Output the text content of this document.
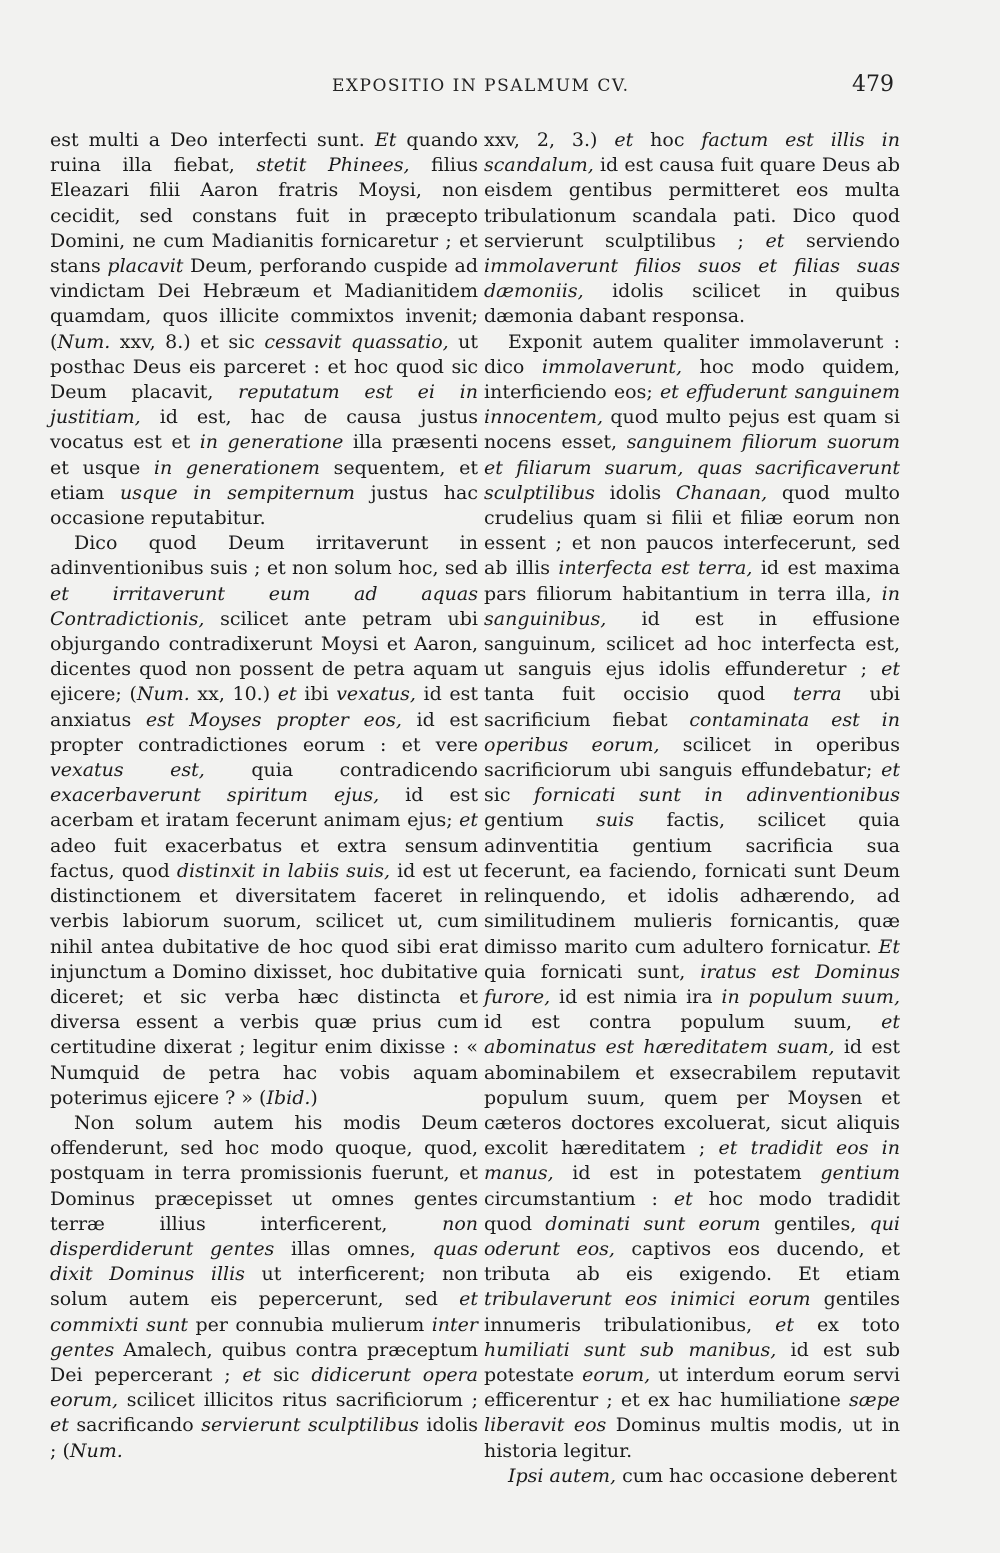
EXPOSITIO IN PSALMUM CV.	479

est multi a Deo interfecti sunt. Et quando ruina illa fiebat, stetit Phinees, filius Eleazari filii Aaron fratris Moysi, non cecidit, sed constans fuit in præcepto Domini, ne cum Madianitis fornicaretur ; et stans placavit Deum, perforando cuspide ad vindictam Dei Hebræum et Madianitidem quamdam, quos illicite commixtos invenit; (Num. xxv, 8.) et sic cessavit quassatio, ut posthac Deus eis parceret : et hoc quod sic Deum placavit, reputatum est ei in justitiam, id est, hac de causa justus vocatus est et in generatione illa præsenti et usque in generationem sequentem, et etiam usque in sempiternum justus hac occasione reputabitur.

Dico quod Deum irritaverunt in adinventionibus suis ; et non solum hoc, sed et irritaverunt eum ad aquas Contradictionis, scilicet ante petram ubi objurgando contradixerunt Moysi et Aaron, dicentes quod non possent de petra aquam ejicere; (Num. xx, 10.) et ibi vexatus, id est anxiatus est Moyses propter eos, id est propter contradictiones eorum : et vere vexatus est, quia contradicendo exacerbaverunt spiritum ejus, id est acerbam et iratam fecerunt animam ejus; et adeo fuit exacerbatus et extra sensum factus, quod distinxit in labiis suis, id est ut distinctionem et diversitatem faceret in verbis labiorum suorum, scilicet ut, cum nihil antea dubitative de hoc quod sibi erat injunctum a Domino dixisset, hoc dubitative diceret; et sic verba hæc distincta et diversa essent a verbis quæ prius cum certitudine dixerat ; legitur enim dixisse : « Numquid de petra hac vobis aquam poterimus ejicere ? » (Ibid.)

Non solum autem his modis Deum offenderunt, sed hoc modo quoque, quod, postquam in terra promissionis fuerunt, et Dominus præcepisset ut omnes gentes terræ illius interficerent, non disperdiderunt gentes illas omnes, quas dixit Dominus illis ut interficerent; non solum autem eis pepercerunt, sed et commixti sunt per connubia mulierum inter gentes Amalech, quibus contra præceptum Dei pepercerant ; et sic didicerunt opera eorum, scilicet illicitos ritus sacrificiorum ; et sacrificando servierunt sculptilibus idolis ; (Num.

xxv, 2, 3.) et hoc factum est illis in scandalum, id est causa fuit quare Deus ab eisdem gentibus permitteret eos multa tribulationum scandala pati. Dico quod servierunt sculptilibus ; et serviendo immolaverunt filios suos et filias suas dæmoniis, idolis scilicet in quibus dæmonia dabant responsa.

Exponit autem qualiter immolaverunt : dico immolaverunt, hoc modo quidem, interficiendo eos; et effuderunt sanguinem innocentem, quod multo pejus est quam si nocens esset, sanguinem filiorum suorum et filiarum suarum, quas sacrificaverunt sculptilibus idolis Chanaan, quod multo crudelius quam si filii et filiæ eorum non essent ; et non paucos interfecerunt, sed ab illis interfecta est terra, id est maxima pars filiorum habitantium in terra illa, in sanguinibus, id est in effusione sanguinum, scilicet ad hoc interfecta est, ut sanguis ejus idolis effunderetur ; et tanta fuit occisio quod terra ubi sacrificium fiebat contaminata est in operibus eorum, scilicet in operibus sacrificiorum ubi sanguis effundebatur; et sic fornicati sunt in adinventionibus gentium suis factis, scilicet quia adinventitia gentium sacrificia sua fecerunt, ea faciendo, fornicati sunt Deum relinquendo, et idolis adhærendo, ad similitudinem mulieris fornicantis, quæ dimisso marito cum adultero fornicatur. Et quia fornicati sunt, iratus est Dominus furore, id est nimia ira in populum suum, id est contra populum suum, et abominatus est hæreditatem suam, id est abominabilem et exsecrabilem reputavit populum suum, quem per Moysen et cæteros doctores excoluerat, sicut aliquis excolit hæreditatem ; et tradidit eos in manus, id est in potestatem gentium circumstantium : et hoc modo tradidit quod dominati sunt eorum gentiles, qui oderunt eos, captivos eos ducendo, et tributa ab eis exigendo. Et etiam tribulaverunt eos inimici eorum gentiles innumeris tribulationibus, et ex toto humiliati sunt sub manibus, id est sub potestate eorum, ut interdum eorum servi efficerentur ; et ex hac humiliatione sæpe liberavit eos Dominus multis modis, ut in historia legitur.

Ipsi autem, cum hac occasione deberent
